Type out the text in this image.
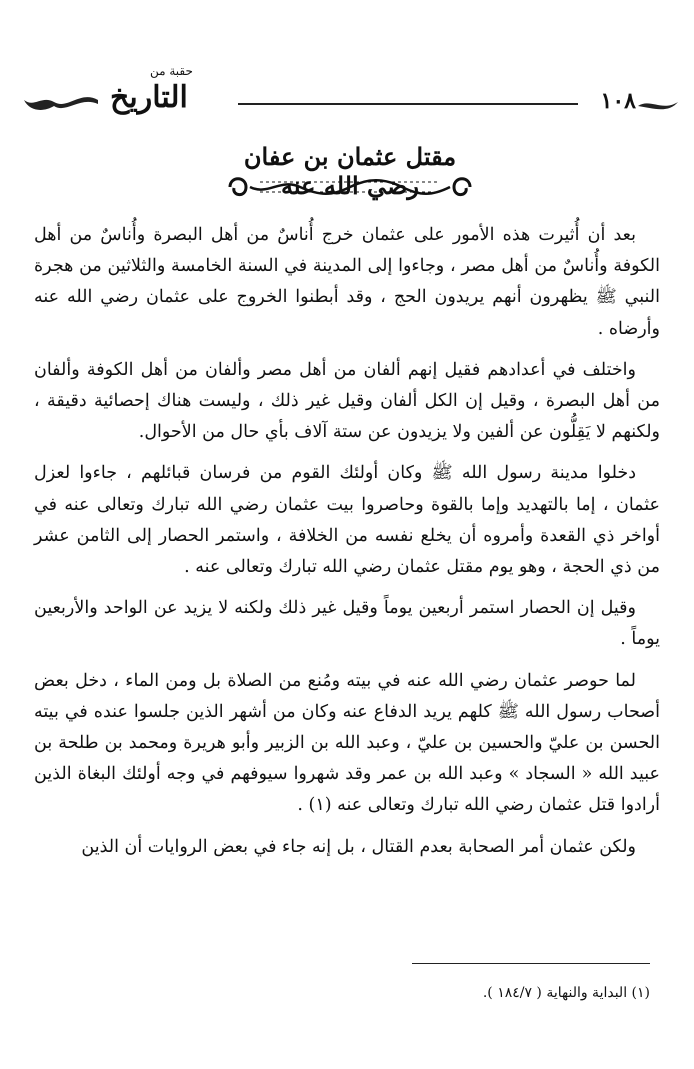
حقبة من
التاريخ	١٠٨
مقتل عثمان بن عفان رضي الله عنه

بعد أن أُثيرت هذه الأمور على عثمان خرج أُناسٌ من أهل البصرة وأُناسٌ من أهل الكوفة وأُناسٌ من أهل مصر ، وجاءوا إلى المدينة في السنة الخامسة والثلاثين من هجرة النبي ﷺ يظهرون أنهم يريدون الحج ، وقد أبطنوا الخروج على عثمان رضي الله عنه وأرضاه .

واختلف في أعدادهم فقيل إنهم ألفان من أهل مصر وألفان من أهل الكوفة وألفان من أهل البصرة ، وقيل إن الكل ألفان وقيل غير ذلك ، وليست هناك إحصائية دقيقة ، ولكنهم لا يَقِلُّون عن ألفين ولا يزيدون عن ستة آلاف بأي حال من الأحوال.

دخلوا مدينة رسول الله ﷺ وكان أولئك القوم من فرسان قبائلهم ، جاءوا لعزل عثمان ، إما بالتهديد وإما بالقوة وحاصروا بيت عثمان رضي الله تبارك وتعالى عنه في أواخر ذي القعدة وأمروه أن يخلع نفسه من الخلافة ، واستمر الحصار إلى الثامن عشر من ذي الحجة ، وهو يوم مقتل عثمان رضي الله تبارك وتعالى عنه .

وقيل إن الحصار استمر أربعين يوماً وقيل غير ذلك ولكنه لا يزيد عن الواحد والأربعين يوماً .

لما حوصر عثمان رضي الله عنه في بيته ومُنع من الصلاة بل ومن الماء ، دخل بعض أصحاب رسول الله ﷺ كلهم يريد الدفاع عنه وكان من أشهر الذين جلسوا عنده في بيته الحسن بن عليّ والحسين بن عليّ ، وعبد الله بن الزبير وأبو هريرة ومحمد بن طلحة بن عبيد الله « السجاد » وعبد الله بن عمر وقد شهروا سيوفهم في وجه أولئك البغاة الذين أرادوا قتل عثمان رضي الله تبارك وتعالى عنه (١) .

ولكن عثمان أمر الصحابة بعدم القتال ، بل إنه جاء في بعض الروايات أن الذين

(١) البداية والنهاية ( ١٨٤/٧ ).
